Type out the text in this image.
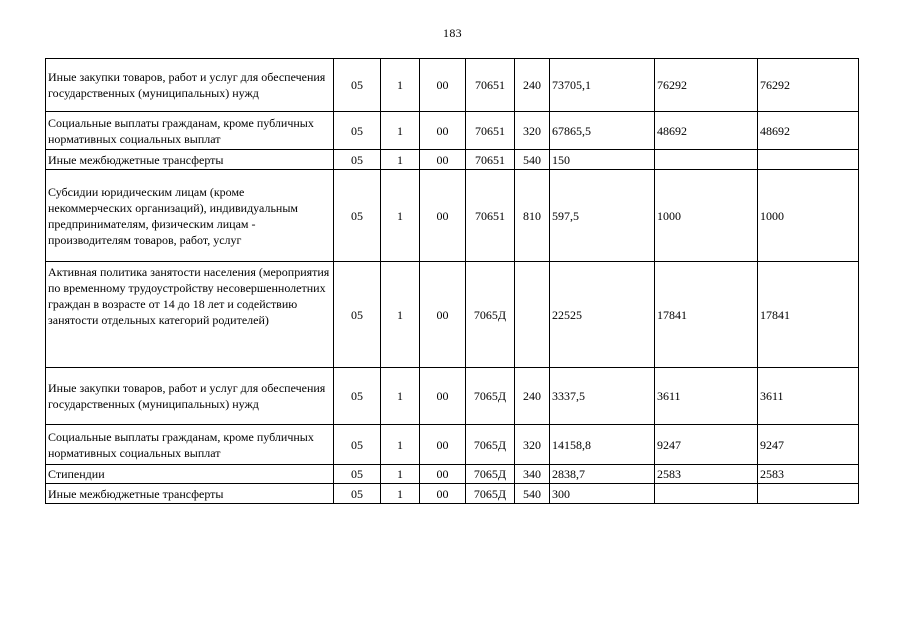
183
Иные закупки товаров, работ и услуг для обеспечения государственных (муниципальных) нужд	05	1	00	70651	240	73705,1	76292	76292
Социальные выплаты гражданам, кроме публичных нормативных социальных выплат	05	1	00	70651	320	67865,5	48692	48692
Иные межбюджетные трансферты	05	1	00	70651	540	150		
Субсидии юридическим лицам (кроме некоммерческих организаций), индивидуальным предпринимателям, физическим лицам - производителям товаров, работ, услуг	05	1	00	70651	810	597,5	1000	1000
Активная политика занятости населения (мероприятия по временному трудоустройству несовершеннолетних граждан в возрасте от 14 до 18 лет и содействию занятости отдельных категорий родителей)	05	1	00	7065Д		22525	17841	17841
Иные закупки товаров, работ и услуг для обеспечения государственных (муниципальных) нужд	05	1	00	7065Д	240	3337,5	3611	3611
Социальные выплаты гражданам, кроме публичных нормативных социальных выплат	05	1	00	7065Д	320	14158,8	9247	9247
Стипендии	05	1	00	7065Д	340	2838,7	2583	2583
Иные межбюджетные трансферты	05	1	00	7065Д	540	300		
